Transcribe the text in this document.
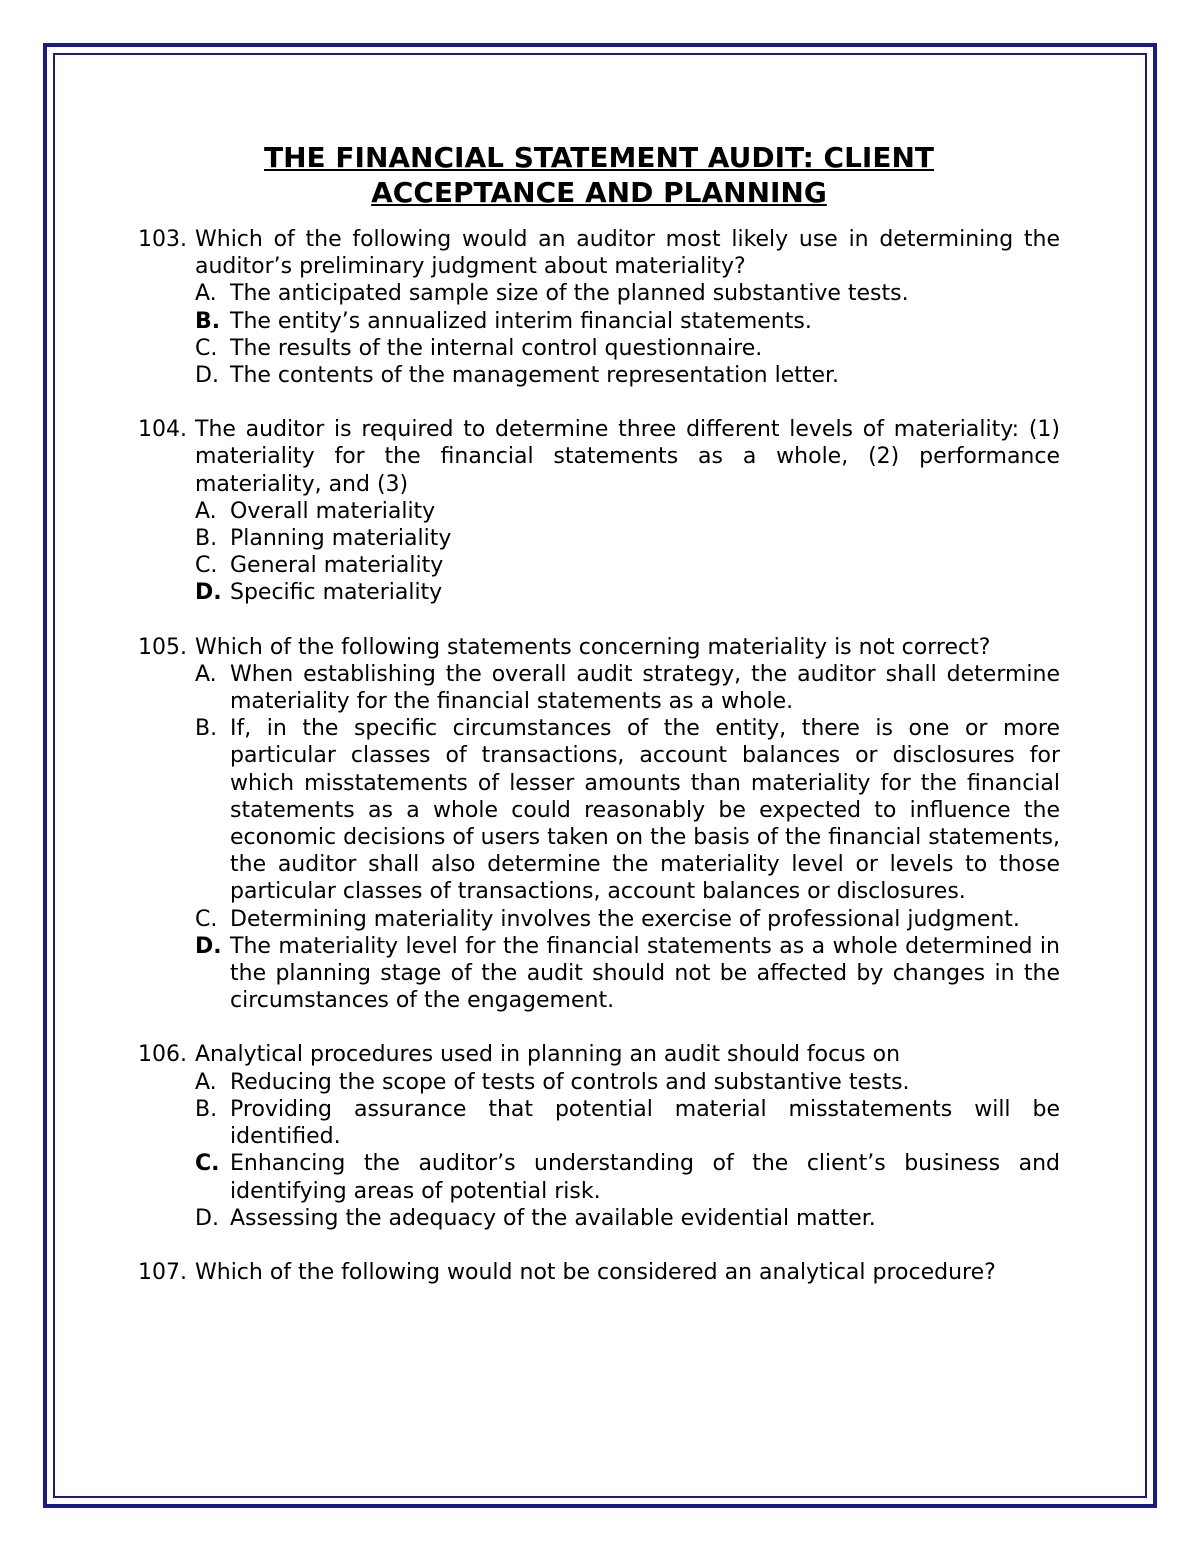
THE FINANCIAL STATEMENT AUDIT: CLIENT
ACCEPTANCE AND PLANNING
103. Which of the following would an auditor most likely use in determining the auditor’s preliminary judgment about materiality?
A. The anticipated sample size of the planned substantive tests.
B. The entity’s annualized interim financial statements.
C. The results of the internal control questionnaire.
D. The contents of the management representation letter.
104. The auditor is required to determine three different levels of materiality: (1) materiality for the financial statements as a whole, (2) performance materiality, and (3)
A. Overall materiality
B. Planning materiality
C. General materiality
D. Specific materiality
105. Which of the following statements concerning materiality is not correct?
A. When establishing the overall audit strategy, the auditor shall determine materiality for the financial statements as a whole.
B. If, in the specific circumstances of the entity, there is one or more particular classes of transactions, account balances or disclosures for which misstatements of lesser amounts than materiality for the financial statements as a whole could reasonably be expected to influence the economic decisions of users taken on the basis of the financial statements, the auditor shall also determine the materiality level or levels to those particular classes of transactions, account balances or disclosures.
C. Determining materiality involves the exercise of professional judgment.
D. The materiality level for the financial statements as a whole determined in the planning stage of the audit should not be affected by changes in the circumstances of the engagement.
106. Analytical procedures used in planning an audit should focus on
A. Reducing the scope of tests of controls and substantive tests.
B. Providing assurance that potential material misstatements will be identified.
C. Enhancing the auditor’s understanding of the client’s business and identifying areas of potential risk.
D. Assessing the adequacy of the available evidential matter.
107. Which of the following would not be considered an analytical procedure?
